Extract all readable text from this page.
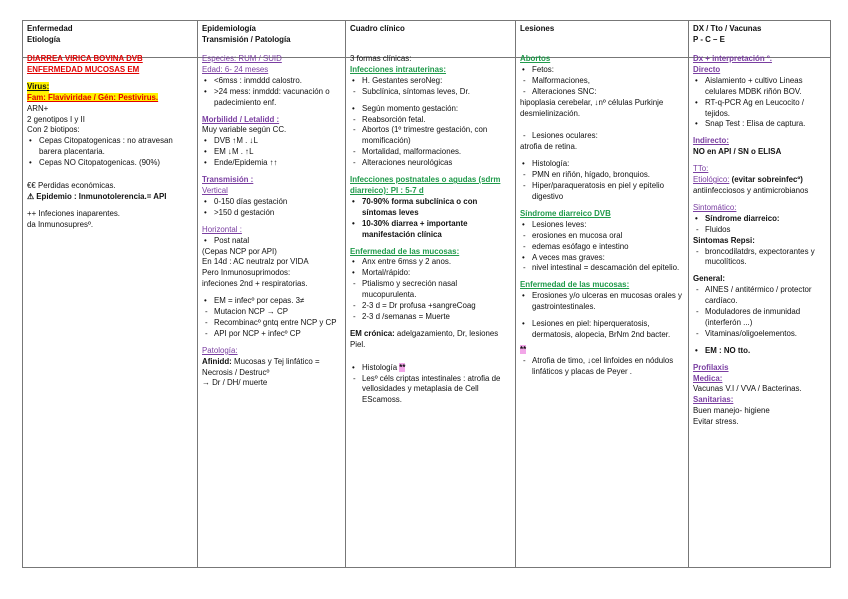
Enfermedad
Etiología
DIARREA VIRICA BOVINA DVB
ENFERMEDAD MUCOSAS EM
Virus:
Fam: Flaviviridae / Gén: Pestivirus.
ARN+
2 genotipos I y II
Con 2 biotipos:
• Cepas Citopatogenicas : no atravesan barera placentaria.
• Cepas NO Citopatogenicas. (90%)
€€ Perdidas económicas.
⚠ Epidemio : Inmunotolerencia.= API
++ Infeciones inaparentes.
da Inmunosupresº.
Epidemiología
Transmisión / Patología
Especies: RUM / SUID
Edad: 6- 24 meses
• <6mss : inmddd calostro.
• >24 mess: inmddd: vacunación o padecimiento enf.
Morbilidd / Letalidd :
Muy variable según CC.
• DVB ↑M . ↓L
• EM ↓M . ↑L
• Ende/Epidemia ↑↑
Transmisión :
Vertical
• 0-150 días gestación
• >150 d gestación
Horizontal :
• Post natal
(Cepas NCP por API)
En 14d : AC neutralz por VIDA
Pero Inmunosuprimodos:
infeciones 2nd + respiratorias.
• EM = infecº por cepas. 3≠
- Mutacion NCP → CP
- Recombinacº gntq entre NCP y CP
- API por NCP + infecº CP
Patología:
Afinidd: Mucosas y Tej linfático = Necrosis / Destrucº
→ Dr / DH/ muerte
Cuadro clínico
3 formas clínicas:
Infecciones intrauterinas:
• H. Gestantes seroNeg:
- Subclínica, síntomas leves, Dr.
• Según momento gestación:
- Reabsorción fetal.
- Abortos (1º trimestre gestación, con momificación)
- Mortalidad, malformaciones.
- Alteraciones neurológicas
Infecciones postnatales o agudas (sdrm diarreico): PI : 5-7 d
• 70-90% forma subclínica o con síntomas leves
• 10-30% diarrea + importante manifestación clínica
Enfermedad de las mucosas:
• Anx entre 6mss y 2 anos.
• Mortal/rápido:
- Ptialismo y secreción nasal mucopurulenta.
- 2-3 d = Dr profusa +sangreCoag
- 2-3 d /semanas = Muerte
EM crónica: adelgazamiento, Dr, lesiones Piel.
• Histología **
- Lesº céls criptas intestinales : atrofia de vellosidades y metaplasia de Cell EScamoss.
Lesiones
Abortos
• Fetos:
- Malformaciones,
- Alteraciones SNC:
hipoplasia cerebelar, ↓nº células Purkinje desmielinización.
- Lesiones oculares:
atrofia de retina.
• Histología:
- PMN en riñón, hígado, bronquios.
- Hiper/paraqueratosis en piel y epitelio digestivo
Síndrome diarreico DVB
• Lesiones leves:
- erosiones en mucosa oral
- edemas esófago e intestino
• A veces mas graves:
- nivel intestinal = descamación del epitelio.
Enfermedad de las mucosas:
• Erosiones y/o ulceras en mucosas orales y gastrointestinales.
• Lesiones en piel: hiperqueratosis, dermatosis, alopecia, BrNm 2nd bacter.
**
- Atrofia de timo, ↓cel linfoides en nódulos linfáticos y placas de Peyer .
DX / Tto / Vacunas
P - C – E
Dx + interpretación º.
Directo
• Aislamiento + cultivo Lineas celulares MDBK riñón BOV.
• RT-q-PCR Ag en Leucocito / tejidos.
• Snap Test : Elisa de captura.
Indirecto:
NO en API / SN o ELISA
TTo:
Etiológico: (evitar sobreinfecº)
antiinfecciosos y antimicrobianos
Sintomático:
• Síndrome diarreico:
- Fluidos
Sintomas Repsi:
- broncodilatdrs, expectorantes y mucolíticos.
General:
- AINES / antitérmico / protector cardíaco.
- Moduladores de inmunidad (interferón ...)
- Vitaminas/oligoelementos.
• EM : NO tto.
Profilaxis
Medica:
Vacunas V.I / VVA / Bacterinas.
Sanitarias:
Buen manejo- higiene
Evitar stress.
